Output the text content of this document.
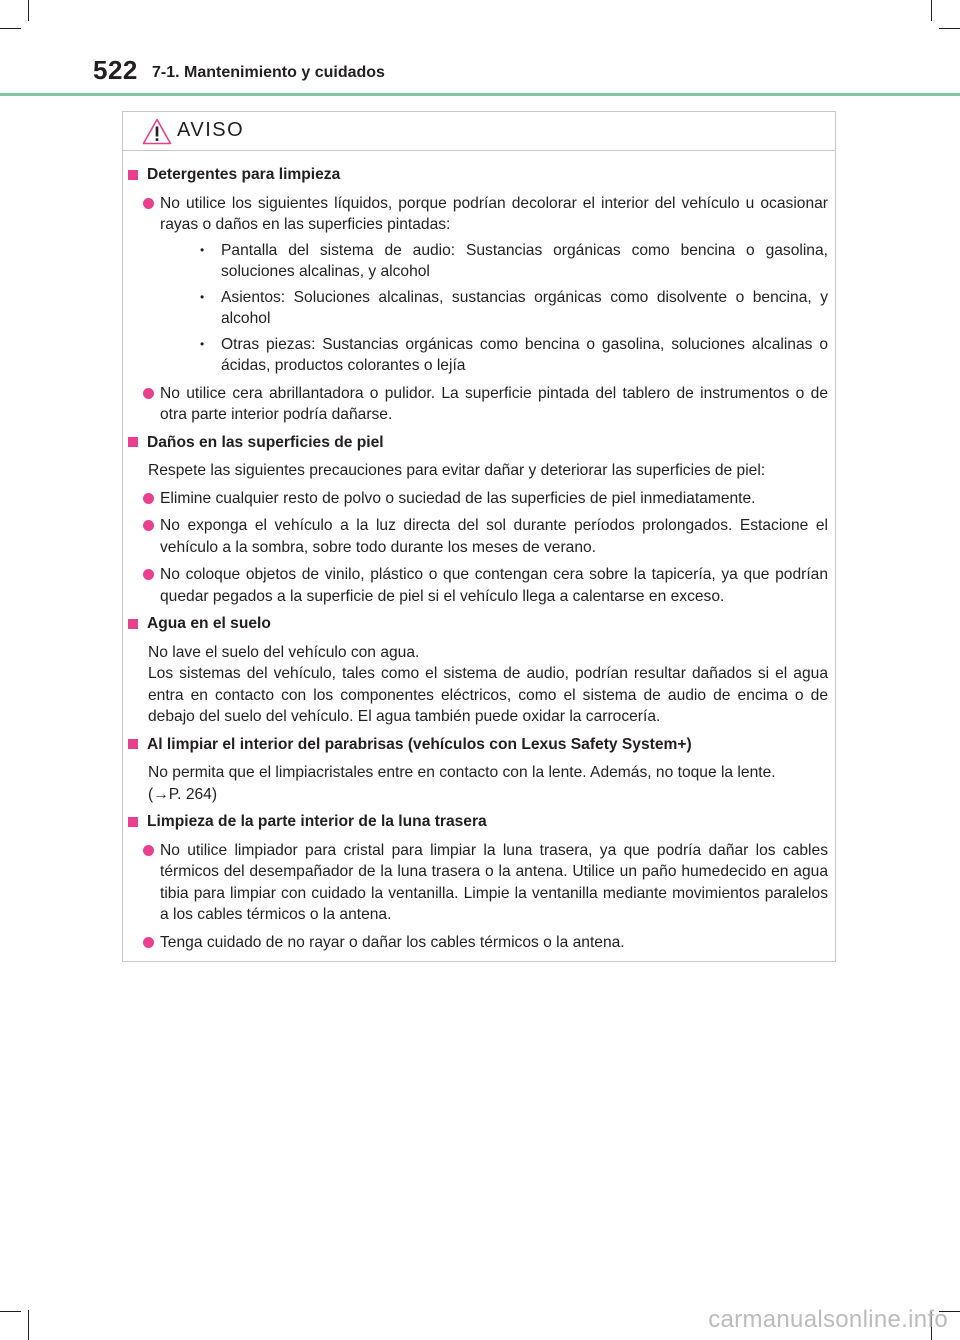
522 7-1. Mantenimiento y cuidados
AVISO
Detergentes para limpieza
No utilice los siguientes líquidos, porque podrían decolorar el interior del vehículo u ocasionar rayas o daños en las superficies pintadas:
•	Pantalla del sistema de audio: Sustancias orgánicas como bencina o gasolina, soluciones alcalinas, y alcohol
•	Asientos: Soluciones alcalinas, sustancias orgánicas como disolvente o bencina, y alcohol
•	Otras piezas: Sustancias orgánicas como bencina o gasolina, soluciones alcalinas o ácidas, productos colorantes o lejía
No utilice cera abrillantadora o pulidor. La superficie pintada del tablero de instrumentos o de otra parte interior podría dañarse.
Daños en las superficies de piel
Respete las siguientes precauciones para evitar dañar y deteriorar las superficies de piel:
Elimine cualquier resto de polvo o suciedad de las superficies de piel inmediatamente.
No exponga el vehículo a la luz directa del sol durante períodos prolongados. Estacione el vehículo a la sombra, sobre todo durante los meses de verano.
No coloque objetos de vinilo, plástico o que contengan cera sobre la tapicería, ya que podrían quedar pegados a la superficie de piel si el vehículo llega a calentarse en exceso.
Agua en el suelo
No lave el suelo del vehículo con agua.
Los sistemas del vehículo, tales como el sistema de audio, podrían resultar dañados si el agua entra en contacto con los componentes eléctricos, como el sistema de audio de encima o de debajo del suelo del vehículo. El agua también puede oxidar la carrocería.
Al limpiar el interior del parabrisas (vehículos con Lexus Safety System+)
No permita que el limpiacristales entre en contacto con la lente. Además, no toque la lente.
(→P. 264)
Limpieza de la parte interior de la luna trasera
No utilice limpiador para cristal para limpiar la luna trasera, ya que podría dañar los cables térmicos del desempañador de la luna trasera o la antena. Utilice un paño humedecido en agua tibia para limpiar con cuidado la ventanilla. Limpie la ventanilla mediante movimientos paralelos a los cables térmicos o la antena.
Tenga cuidado de no rayar o dañar los cables térmicos o la antena.
carmanualsonline.info
